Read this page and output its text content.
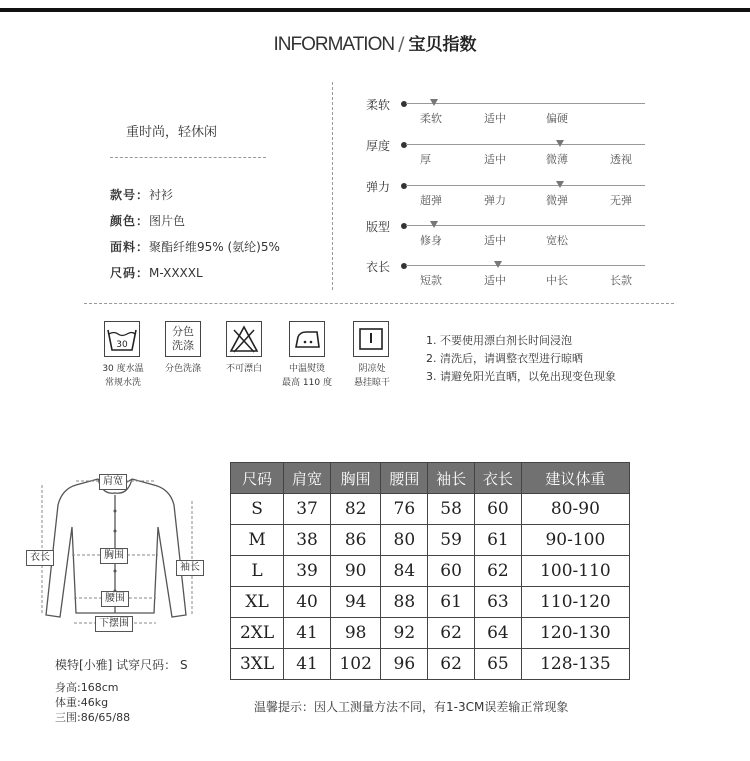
INFORMATION / 宝贝指数
重时尚，轻休闲
款号：衬衫
颜色：图片色
面料：聚酯纤维95% (氨纶)5%
尺码：M-XXXXL
柔软
柔软	适中	偏硬
厚度
厚	适中	微薄	透视
弹力
超弹	弹力	微弹	无弹
版型
修身	适中	宽松
衣长
短款	适中	中长	长款
30
分色
洗涤
30 度水温
常规水洗
分色洗涤	不可漂白	中温熨烫
最高 110 度
阴凉处
悬挂晾干
1. 不要使用漂白剂长时间浸泡
2. 清洗后，请调整衣型进行晾晒
3. 请避免阳光直晒，以免出现变色现象
肩宽
胸围
衣长
袖长
腰围
下摆围
模特[小雅] 试穿尺码： S
身高:168cm
体重:46kg
三围:86/65/88
尺码	肩宽	胸围	腰围	袖长	衣长	建议体重
S	37	82	76	58	60	80-90
M	38	86	80	59	61	90-100
L	39	90	84	60	62	100-110
XL	40	94	88	61	63	110-120
2XL	41	98	92	62	64	120-130
3XL	41	102	96	62	65	128-135
温馨提示：因人工测量方法不同，有1-3CM误差输正常现象
